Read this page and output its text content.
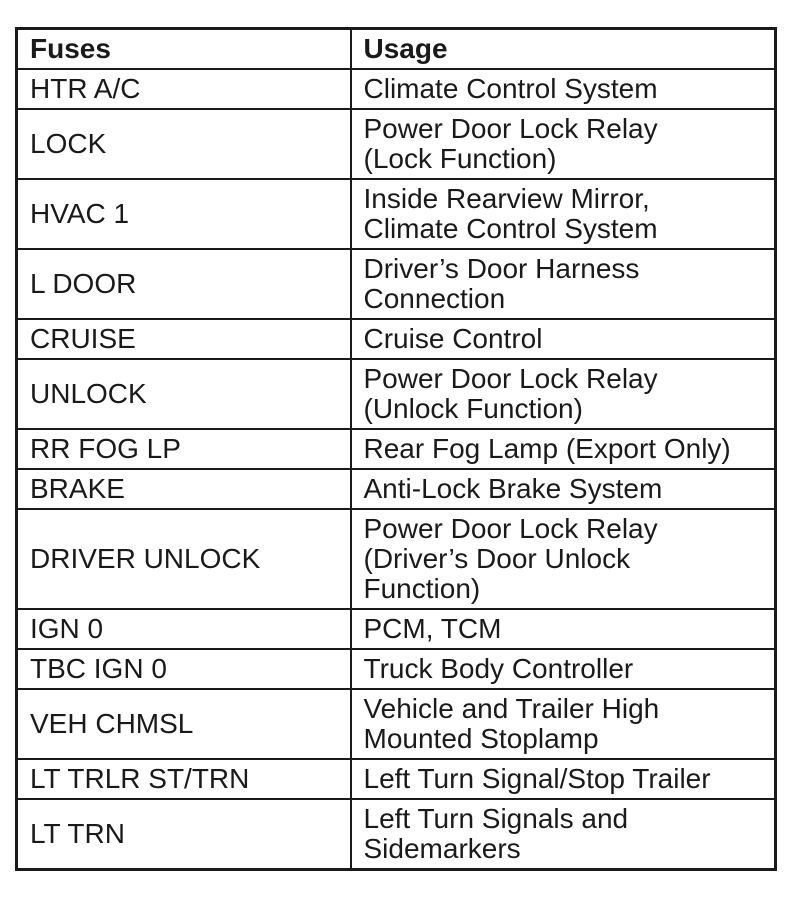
Fuses	Usage
HTR A/C	Climate Control System
LOCK	Power Door Lock Relay
(Lock Function)
HVAC 1	Inside Rearview Mirror,
Climate Control System
L DOOR	Driver’s Door Harness
Connection
CRUISE	Cruise Control
UNLOCK	Power Door Lock Relay
(Unlock Function)
RR FOG LP	Rear Fog Lamp (Export Only)
BRAKE	Anti-Lock Brake System
DRIVER UNLOCK	Power Door Lock Relay
(Driver’s Door Unlock
Function)
IGN 0	PCM, TCM
TBC IGN 0	Truck Body Controller
VEH CHMSL	Vehicle and Trailer High
Mounted Stoplamp
LT TRLR ST/TRN	Left Turn Signal/Stop Trailer
LT TRN	Left Turn Signals and
Sidemarkers
